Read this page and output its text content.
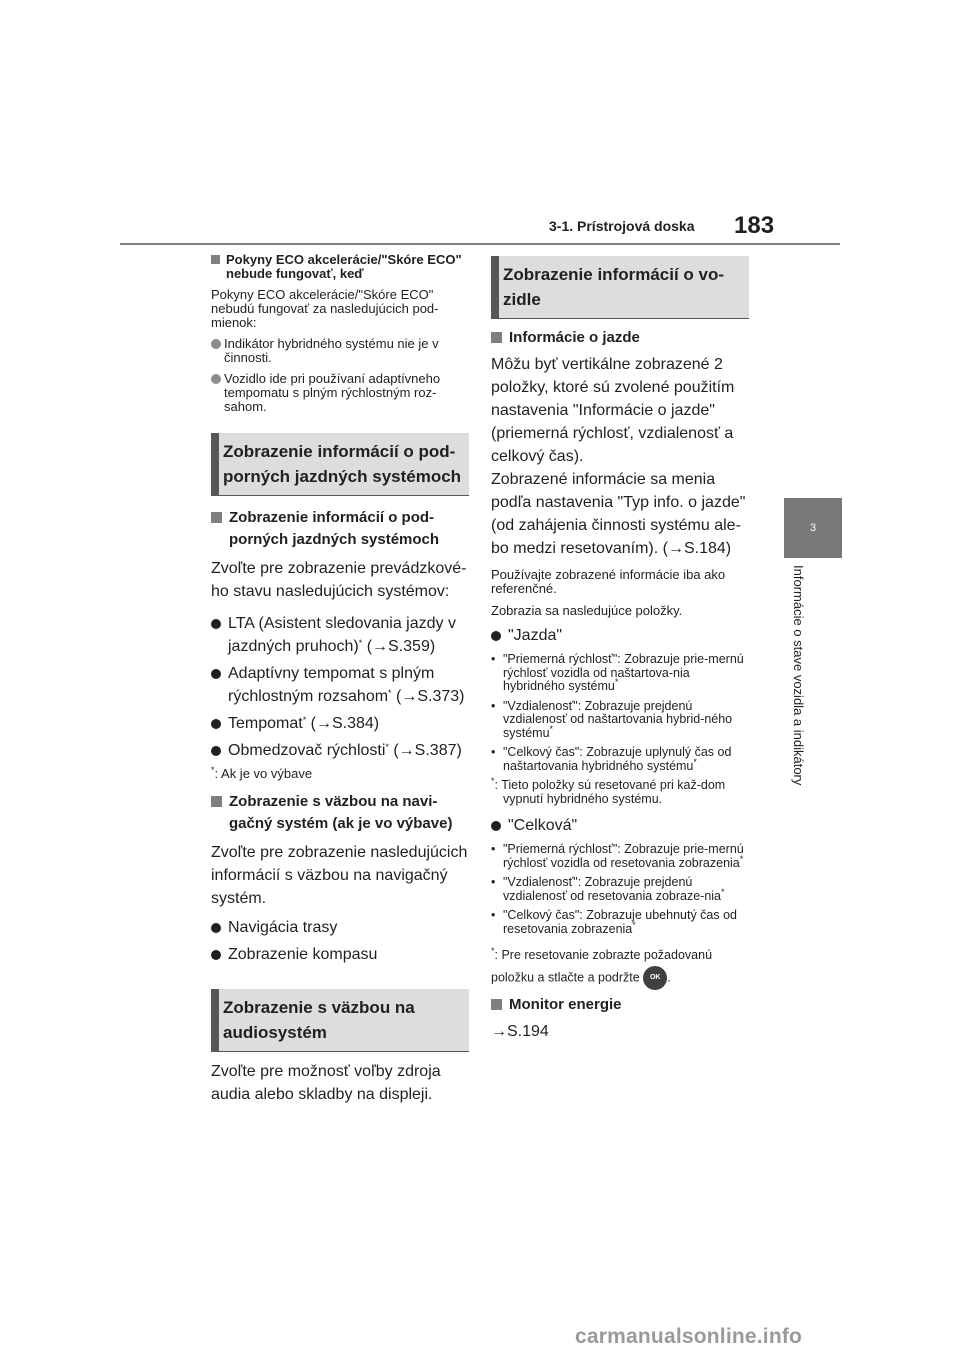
3-1. Prístrojová doska 183
3
Informácie o stave vozidla a indikátory
Pokyny ECO akcelerácie/"Skóre ECO" nebude fungovať, keď

Pokyny ECO akcelerácie/"Skóre ECO" nebudú fungovať za nasledujúcich pod-mienok:

Indikátor hybridného systému nie je v činnosti.
Vozidlo ide pri používaní adaptívneho tempomatu s plným rýchlostným roz-sahom.
Zobrazenie informácií o pod-porných jazdných systémoch
Zobrazenie informácií o pod-porných jazdných systémoch

Zvoľte pre zobrazenie prevádzkové-ho stavu nasledujúcich systémov:

LTA (Asistent sledovania jazdy v jazdných pruhoch)* (→S.359)
Adaptívny tempomat s plným rýchlostným rozsahom* (→S.373)
Tempomat* (→S.384)
Obmedzovač rýchlosti* (→S.387)

*: Ak je vo výbave

Zobrazenie s väzbou na navi-gačný systém (ak je vo výbave)

Zvoľte pre zobrazenie nasledujúcich informácií s väzbou na navigačný systém.

Navigácia trasy
Zobrazenie kompasu
Zobrazenie s väzbou na audiosystém

Zvoľte pre možnosť voľby zdroja audia alebo skladby na displeji.

Zobrazenie informácií o vo-zidle
Informácie o jazde

Môžu byť vertikálne zobrazené 2 položky, ktoré sú zvolené použitím nastavenia "Informácie o jazde" (priemerná rýchlosť, vzdialenosť a celkový čas).

Zobrazené informácie sa menia podľa nastavenia "Typ info. o jazde" (od zahájenia činnosti systému ale-bo medzi resetovaním). (→S.184)

Používajte zobrazené informácie iba ako referenčné.

Zobrazia sa nasledujúce položky.

"Jazda"
• "Priemerná rýchlosť": Zobrazuje prie-mernú rýchlosť vozidla od naštartova-nia hybridného systému*
• "Vzdialenosť": Zobrazuje prejdenú vzdialenosť od naštartovania hybrid-ného systému*
• "Celkový čas": Zobrazuje uplynulý čas od naštartovania hybridného systému*

*: Tieto položky sú resetované pri kaž-dom vypnutí hybridného systému.

"Celková"
• "Priemerná rýchlosť": Zobrazuje prie-mernú rýchlosť vozidla od resetovania zobrazenia*
• "Vzdialenosť": Zobrazuje prejdenú vzdialenosť od resetovania zobraze-nia*
• "Celkový čas": Zobrazuje ubehnutý čas od resetovania zobrazenia*

*: Pre resetovanie zobrazte požadovanú položku a stlačte a podržte OK .

Monitor energie

→S.194

carmanualsonline.info
